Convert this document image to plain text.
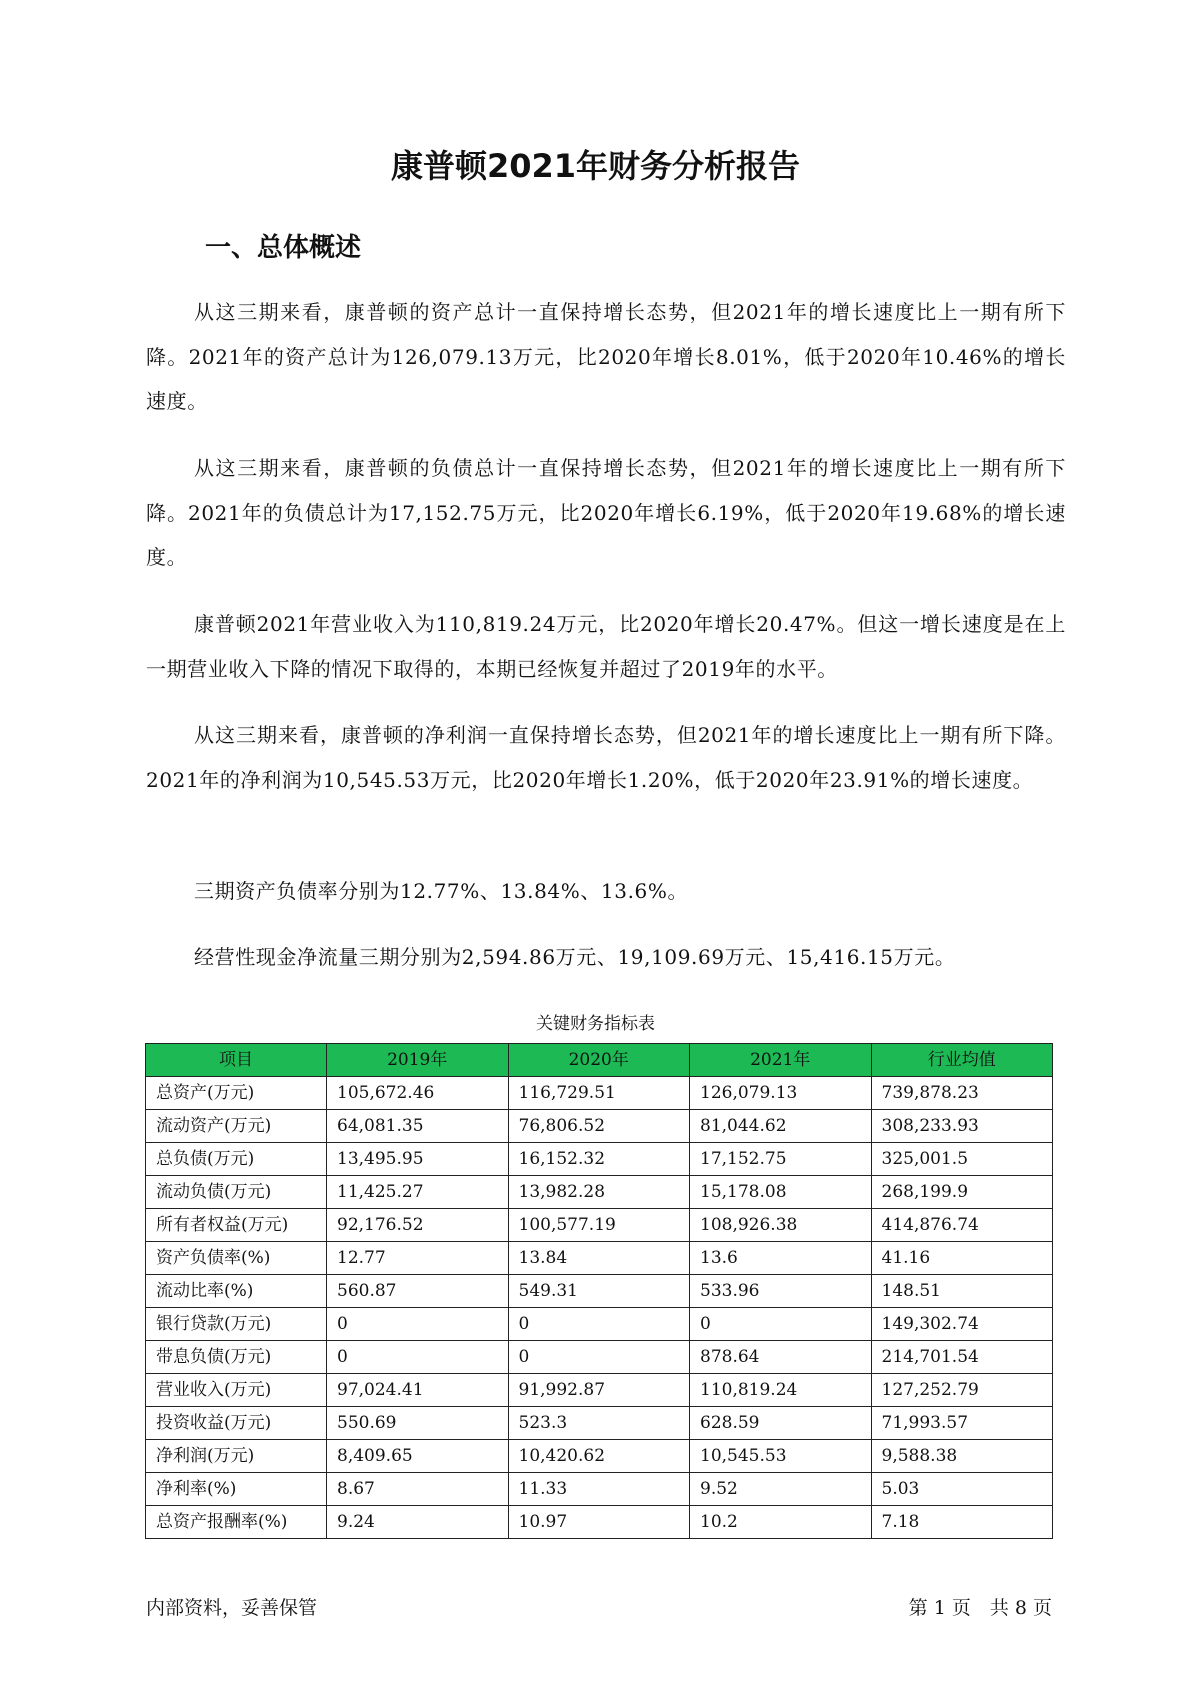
康普顿2021年财务分析报告
一、总体概述

从这三期来看，康普顿的资产总计一直保持增长态势，但2021年的增长速度比上一期有所下降。2021年的资产总计为126,079.13万元，比2020年增长8.01%，低于2020年10.46%的增长速度。

从这三期来看，康普顿的负债总计一直保持增长态势，但2021年的增长速度比上一期有所下降。2021年的负债总计为17,152.75万元，比2020年增长6.19%，低于2020年19.68%的增长速度。

康普顿2021年营业收入为110,819.24万元，比2020年增长20.47%。但这一增长速度是在上一期营业收入下降的情况下取得的，本期已经恢复并超过了2019年的水平。

从这三期来看，康普顿的净利润一直保持增长态势，但2021年的增长速度比上一期有所下降。2021年的净利润为10,545.53万元，比2020年增长1.20%，低于2020年23.91%的增长速度。

三期资产负债率分别为12.77%、13.84%、13.6%。

经营性现金净流量三期分别为2,594.86万元、19,109.69万元、15,416.15万元。

关键财务指标表

项目	2019年	2020年	2021年	行业均值
总资产(万元)	105,672.46	116,729.51	126,079.13	739,878.23
流动资产(万元)	64,081.35	76,806.52	81,044.62	308,233.93
总负债(万元)	13,495.95	16,152.32	17,152.75	325,001.5
流动负债(万元)	11,425.27	13,982.28	15,178.08	268,199.9
所有者权益(万元)	92,176.52	100,577.19	108,926.38	414,876.74
资产负债率(%)	12.77	13.84	13.6	41.16
流动比率(%)	560.87	549.31	533.96	148.51
银行贷款(万元)	0	0	0	149,302.74
带息负债(万元)	0	0	878.64	214,701.54
营业收入(万元)	97,024.41	91,992.87	110,819.24	127,252.79
投资收益(万元)	550.69	523.3	628.59	71,993.57
净利润(万元)	8,409.65	10,420.62	10,545.53	9,588.38
净利率(%)	8.67	11.33	9.52	5.03
总资产报酬率(%)	9.24	10.97	10.2	7.18

内部资料，妥善保管	第 1 页　共 8 页
